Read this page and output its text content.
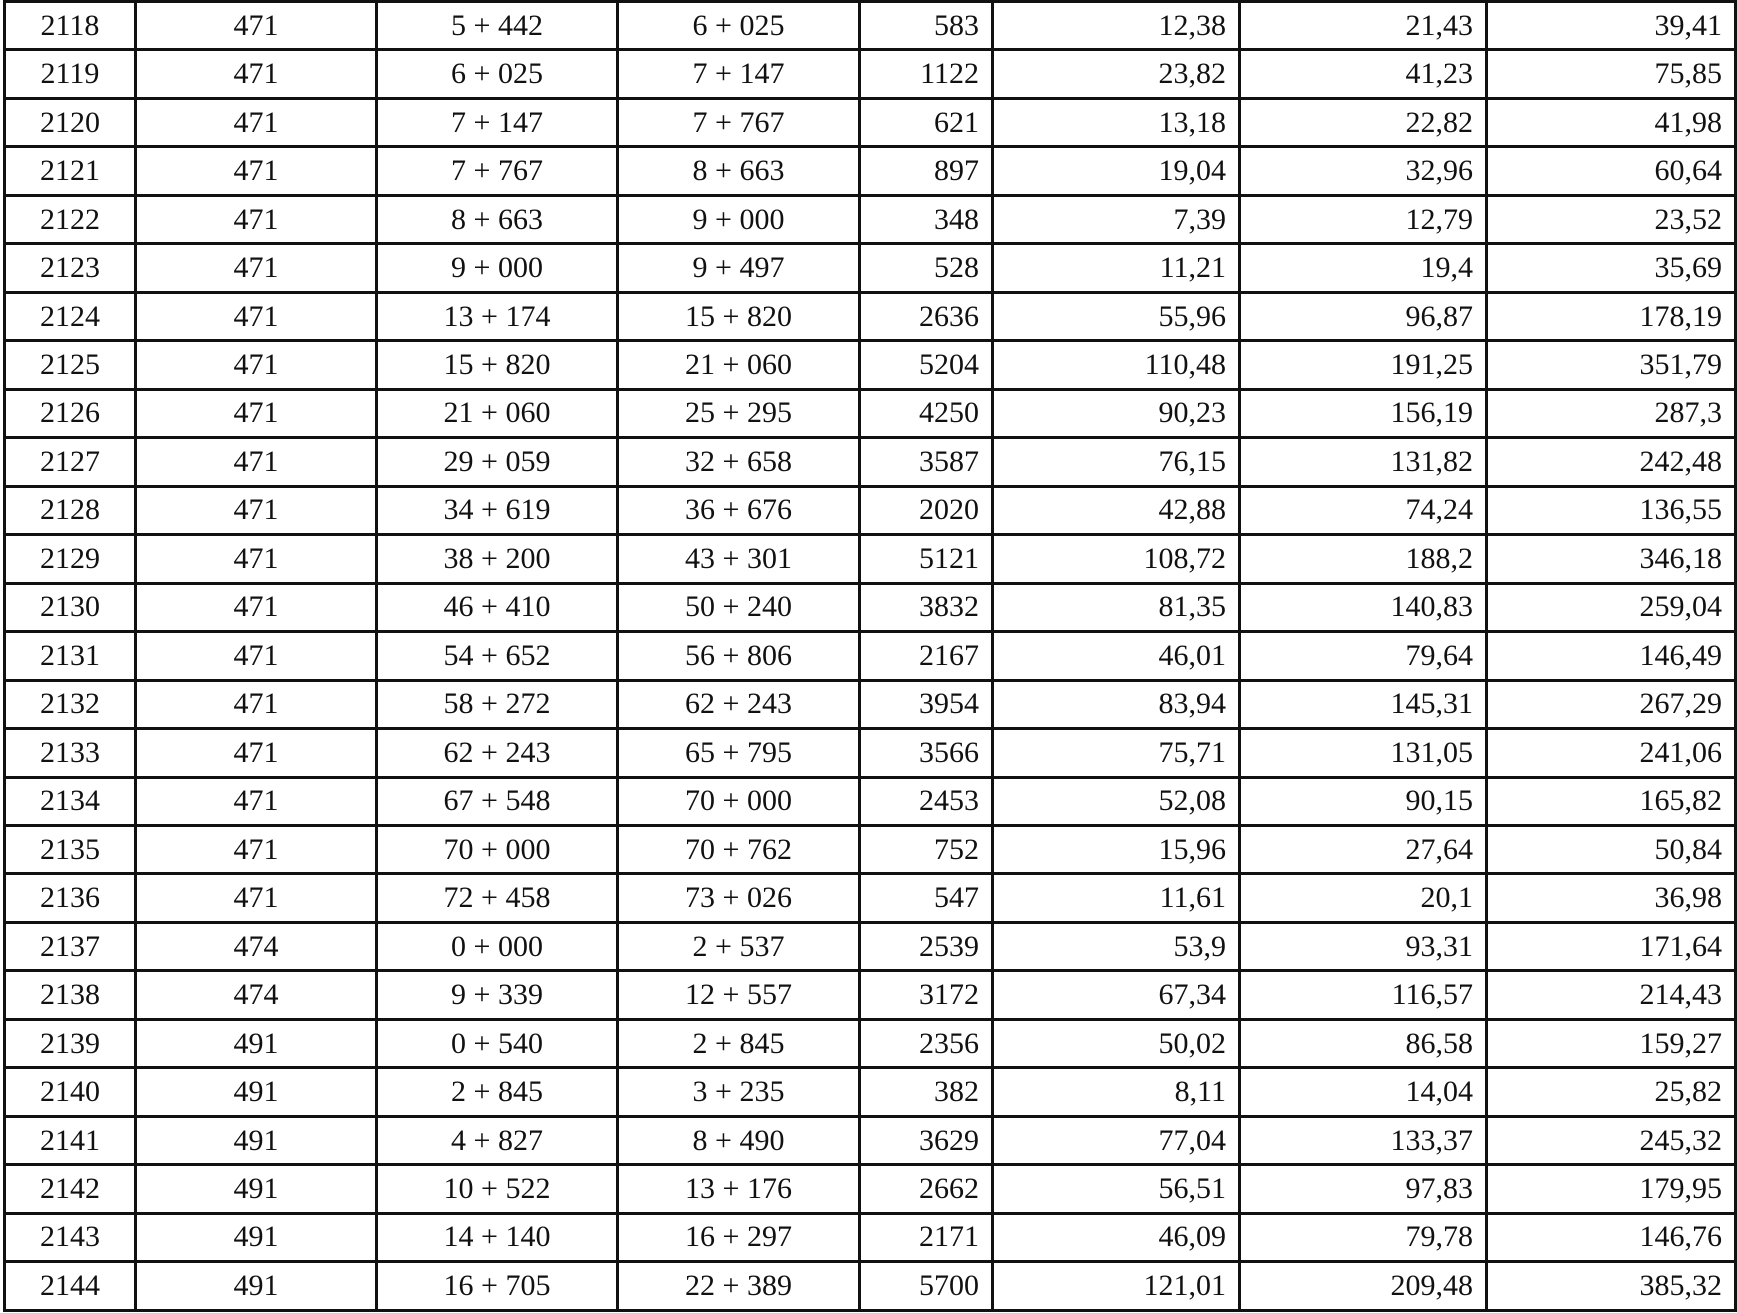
2118	471	5 + 442	6 + 025	583	12,38	21,43	39,41
2119	471	6 + 025	7 + 147	1122	23,82	41,23	75,85
2120	471	7 + 147	7 + 767	621	13,18	22,82	41,98
2121	471	7 + 767	8 + 663	897	19,04	32,96	60,64
2122	471	8 + 663	9 + 000	348	7,39	12,79	23,52
2123	471	9 + 000	9 + 497	528	11,21	19,4	35,69
2124	471	13 + 174	15 + 820	2636	55,96	96,87	178,19
2125	471	15 + 820	21 + 060	5204	110,48	191,25	351,79
2126	471	21 + 060	25 + 295	4250	90,23	156,19	287,3
2127	471	29 + 059	32 + 658	3587	76,15	131,82	242,48
2128	471	34 + 619	36 + 676	2020	42,88	74,24	136,55
2129	471	38 + 200	43 + 301	5121	108,72	188,2	346,18
2130	471	46 + 410	50 + 240	3832	81,35	140,83	259,04
2131	471	54 + 652	56 + 806	2167	46,01	79,64	146,49
2132	471	58 + 272	62 + 243	3954	83,94	145,31	267,29
2133	471	62 + 243	65 + 795	3566	75,71	131,05	241,06
2134	471	67 + 548	70 + 000	2453	52,08	90,15	165,82
2135	471	70 + 000	70 + 762	752	15,96	27,64	50,84
2136	471	72 + 458	73 + 026	547	11,61	20,1	36,98
2137	474	0 + 000	2 + 537	2539	53,9	93,31	171,64
2138	474	9 + 339	12 + 557	3172	67,34	116,57	214,43
2139	491	0 + 540	2 + 845	2356	50,02	86,58	159,27
2140	491	2 + 845	3 + 235	382	8,11	14,04	25,82
2141	491	4 + 827	8 + 490	3629	77,04	133,37	245,32
2142	491	10 + 522	13 + 176	2662	56,51	97,83	179,95
2143	491	14 + 140	16 + 297	2171	46,09	79,78	146,76
2144	491	16 + 705	22 + 389	5700	121,01	209,48	385,32
